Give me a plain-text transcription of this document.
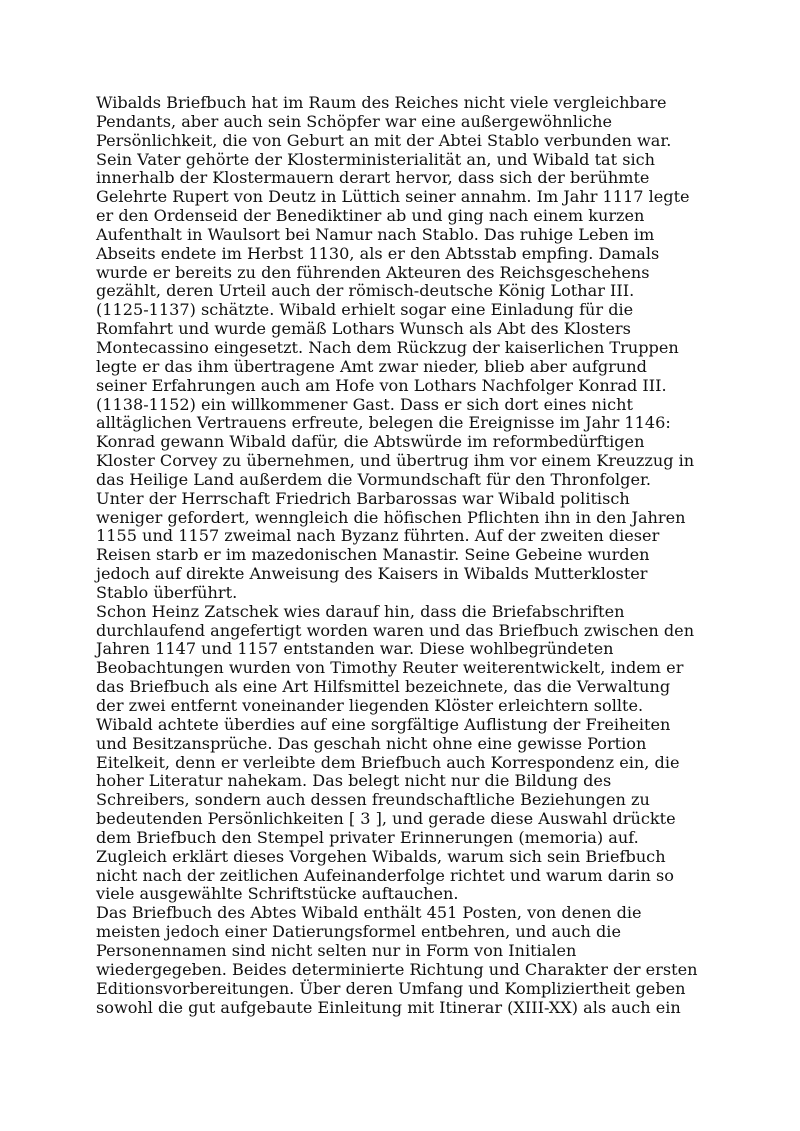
Wibalds Briefbuch hat im Raum des Reiches nicht viele vergleichbare
Pendants, aber auch sein Schöpfer war eine außergewöhnliche
Persönlichkeit, die von Geburt an mit der Abtei Stablo verbunden war.
Sein Vater gehörte der Klosterministerialität an, und Wibald tat sich
innerhalb der Klostermauern derart hervor, dass sich der berühmte
Gelehrte Rupert von Deutz in Lüttich seiner annahm. Im Jahr 1117 legte
er den Ordenseid der Benediktiner ab und ging nach einem kurzen
Aufenthalt in Waulsort bei Namur nach Stablo. Das ruhige Leben im
Abseits endete im Herbst 1130, als er den Abtsstab empfing. Damals
wurde er bereits zu den führenden Akteuren des Reichsgeschehens
gezählt, deren Urteil auch der römisch-deutsche König Lothar III.
(1125-1137) schätzte. Wibald erhielt sogar eine Einladung für die
Romfahrt und wurde gemäß Lothars Wunsch als Abt des Klosters
Montecassino eingesetzt. Nach dem Rückzug der kaiserlichen Truppen
legte er das ihm übertragene Amt zwar nieder, blieb aber aufgrund
seiner Erfahrungen auch am Hofe von Lothars Nachfolger Konrad III.
(1138-1152) ein willkommener Gast. Dass er sich dort eines nicht
alltäglichen Vertrauens erfreute, belegen die Ereignisse im Jahr 1146:
Konrad gewann Wibald dafür, die Abtswürde im reformbedürftigen
Kloster Corvey zu übernehmen, und übertrug ihm vor einem Kreuzzug in
das Heilige Land außerdem die Vormundschaft für den Thronfolger.
Unter der Herrschaft Friedrich Barbarossas war Wibald politisch
weniger gefordert, wenngleich die höfischen Pflichten ihn in den Jahren
1155 und 1157 zweimal nach Byzanz führten. Auf der zweiten dieser
Reisen starb er im mazedonischen Manastir. Seine Gebeine wurden
jedoch auf direkte Anweisung des Kaisers in Wibalds Mutterkloster
Stablo überführt.
Schon Heinz Zatschek wies darauf hin, dass die Briefabschriften
durchlaufend angefertigt worden waren und das Briefbuch zwischen den
Jahren 1147 und 1157 entstanden war. Diese wohlbegründeten
Beobachtungen wurden von Timothy Reuter weiterentwickelt, indem er
das Briefbuch als eine Art Hilfsmittel bezeichnete, das die Verwaltung
der zwei entfernt voneinander liegenden Klöster erleichtern sollte.
Wibald achtete überdies auf eine sorgfältige Auflistung der Freiheiten
und Besitzansprüche. Das geschah nicht ohne eine gewisse Portion
Eitelkeit, denn er verleibte dem Briefbuch auch Korrespondenz ein, die
hoher Literatur nahekam. Das belegt nicht nur die Bildung des
Schreibers, sondern auch dessen freundschaftliche Beziehungen zu
bedeutenden Persönlichkeiten [ 3 ], und gerade diese Auswahl drückte
dem Briefbuch den Stempel privater Erinnerungen (memoria) auf.
Zugleich erklärt dieses Vorgehen Wibalds, warum sich sein Briefbuch
nicht nach der zeitlichen Aufeinanderfolge richtet und warum darin so
viele ausgewählte Schriftstücke auftauchen.
Das Briefbuch des Abtes Wibald enthält 451 Posten, von denen die
meisten jedoch einer Datierungsformel entbehren, und auch die
Personennamen sind nicht selten nur in Form von Initialen
wiedergegeben. Beides determinierte Richtung und Charakter der ersten
Editionsvorbereitungen. Über deren Umfang und Kompliziertheit geben
sowohl die gut aufgebaute Einleitung mit Itinerar (XIII-XX) als auch ein
